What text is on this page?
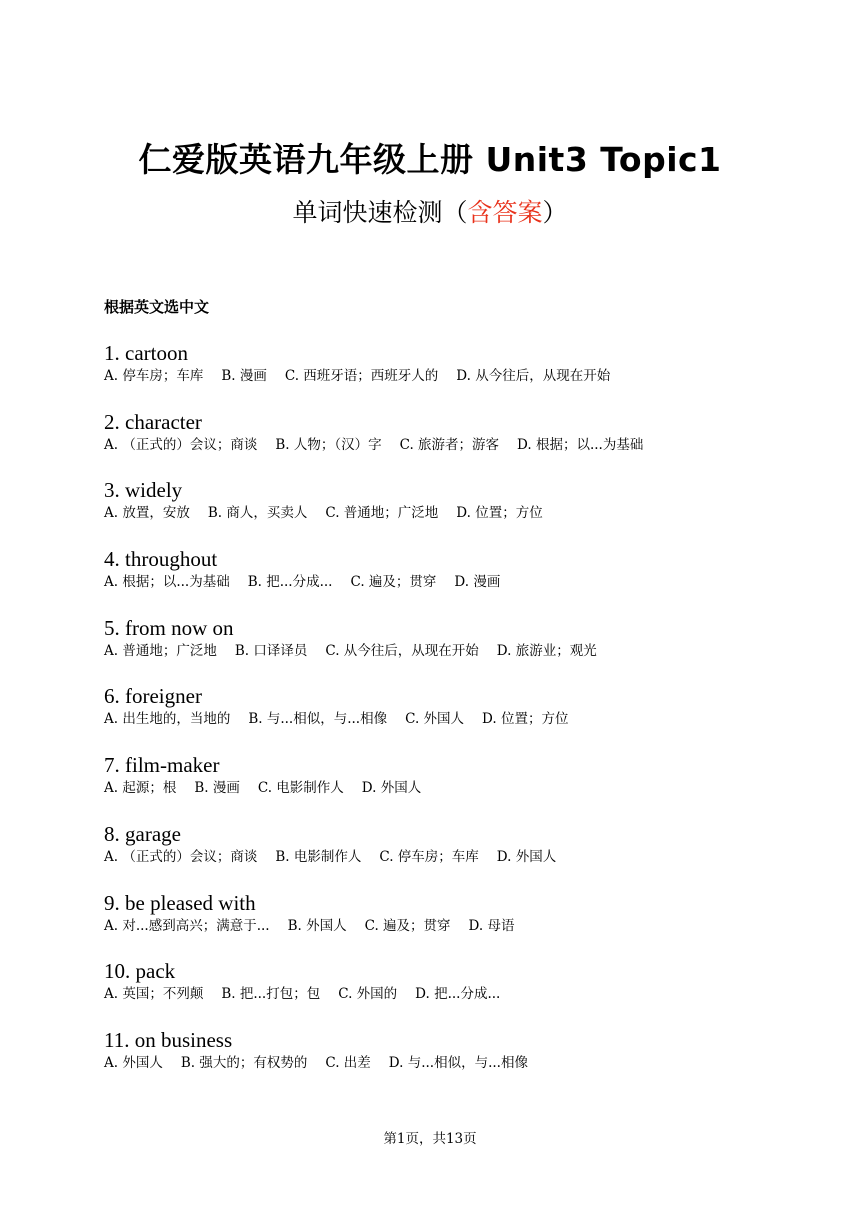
仁爱版英语九年级上册 Unit3 Topic1
单词快速检测（含答案）
根据英文选中文
1. cartoon
A. 停车房；车库 B. 漫画 C. 西班牙语；西班牙人的 D. 从今往后，从现在开始
2. character
A. （正式的）会议；商谈 B. 人物；（汉）字 C. 旅游者；游客 D. 根据；以...为基础
3. widely
A. 放置，安放 B. 商人，买卖人 C. 普通地；广泛地 D. 位置；方位
4. throughout
A. 根据；以...为基础 B. 把...分成... C. 遍及；贯穿 D. 漫画
5. from now on
A. 普通地；广泛地 B. 口译译员 C. 从今往后，从现在开始 D. 旅游业；观光
6. foreigner
A. 出生地的，当地的 B. 与...相似，与...相像 C. 外国人 D. 位置；方位
7. film-maker
A. 起源；根 B. 漫画 C. 电影制作人 D. 外国人
8. garage
A. （正式的）会议；商谈 B. 电影制作人 C. 停车房；车库 D. 外国人
9. be pleased with
A. 对...感到高兴；满意于... B. 外国人 C. 遍及；贯穿 D. 母语
10. pack
A. 英国；不列颠 B. 把...打包；包 C. 外国的 D. 把...分成...
11. on business
A. 外国人 B. 强大的；有权势的 C. 出差 D. 与...相似，与...相像
第1页，共13页
